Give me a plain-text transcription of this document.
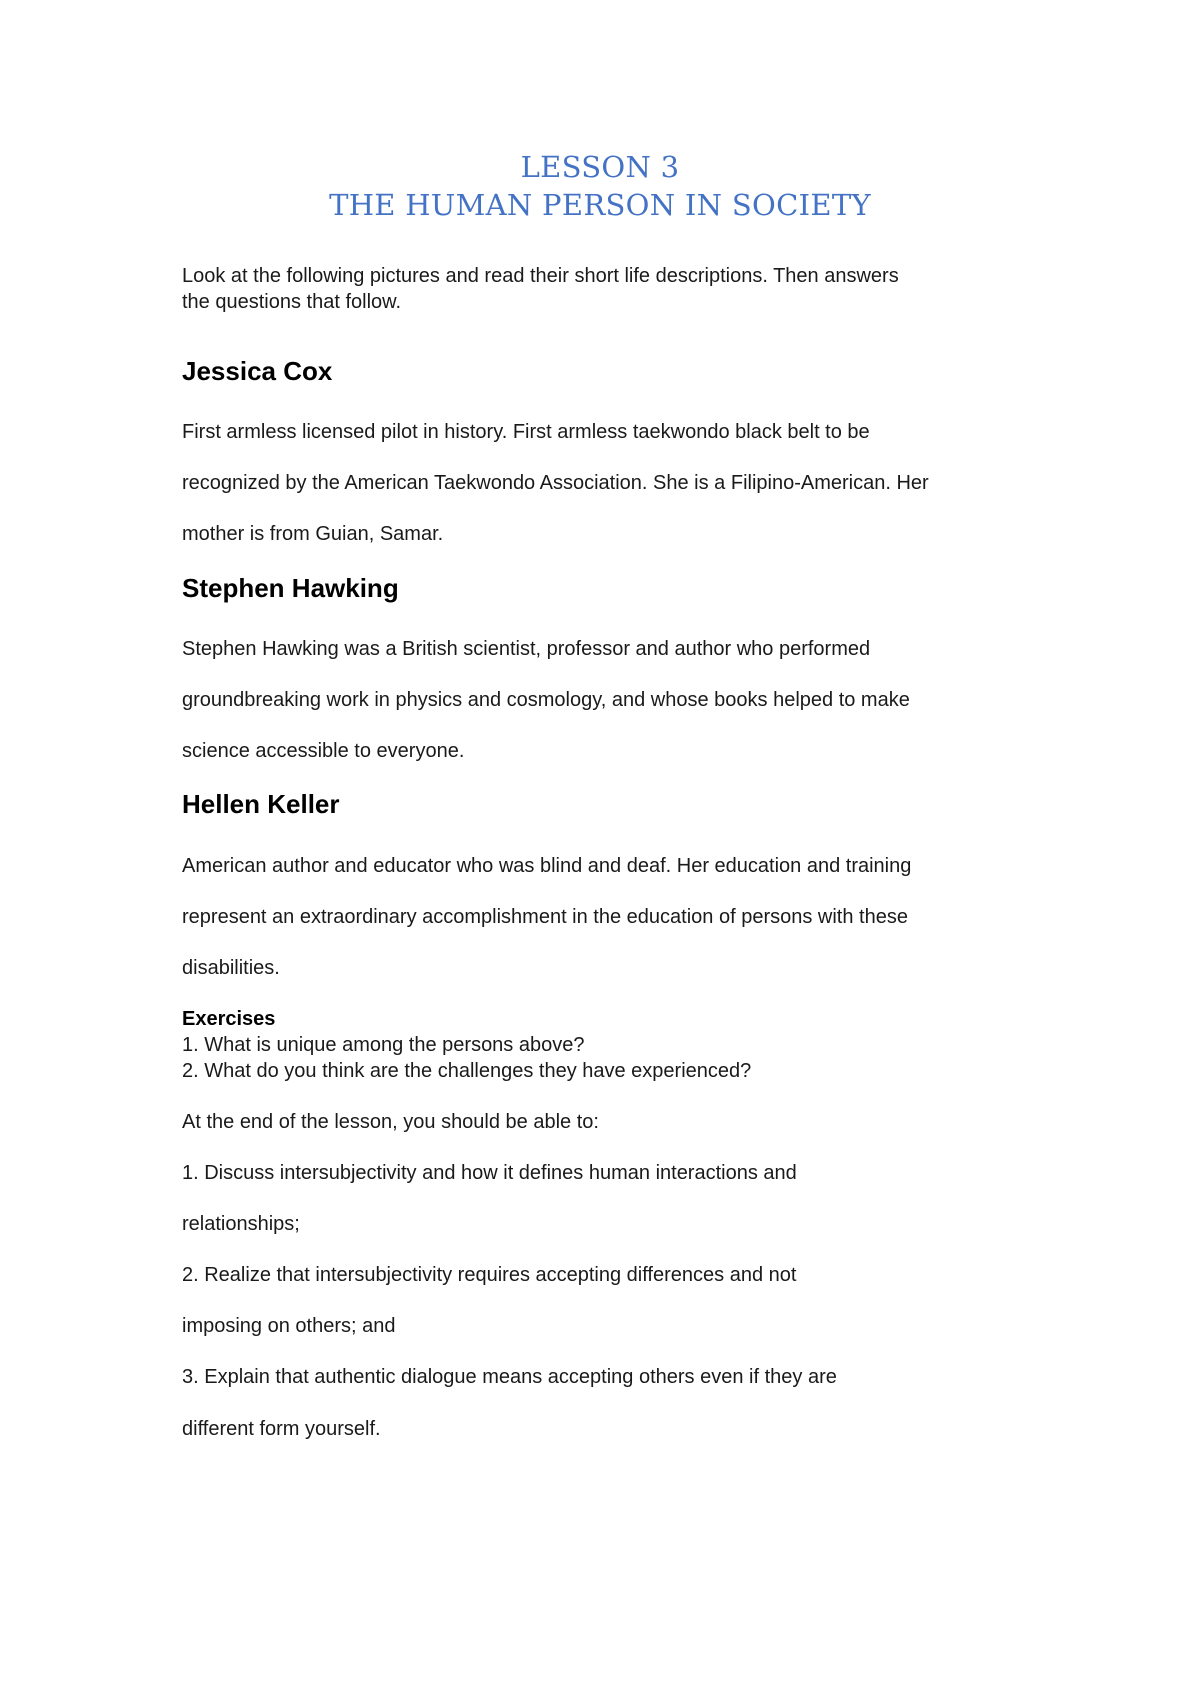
LESSON 3
THE HUMAN PERSON IN SOCIETY
Look at the following pictures and read their short life descriptions. Then answers
the questions that follow.
Jessica Cox
First armless licensed pilot in history. First armless taekwondo black belt to be
recognized by the American Taekwondo Association. She is a Filipino-American. Her
mother is from Guian, Samar.
Stephen Hawking
Stephen Hawking was a British scientist, professor and author who performed
groundbreaking work in physics and cosmology, and whose books helped to make
science accessible to everyone.
Hellen Keller
American author and educator who was blind and deaf. Her education and training
represent an extraordinary accomplishment in the education of persons with these
disabilities.
Exercises
1. What is unique among the persons above?
2. What do you think are the challenges they have experienced?
At the end of the lesson, you should be able to:
1. Discuss intersubjectivity and how it defines human interactions and
relationships;
2. Realize that intersubjectivity requires accepting differences and not
imposing on others; and
3. Explain that authentic dialogue means accepting others even if they are
different form yourself.
